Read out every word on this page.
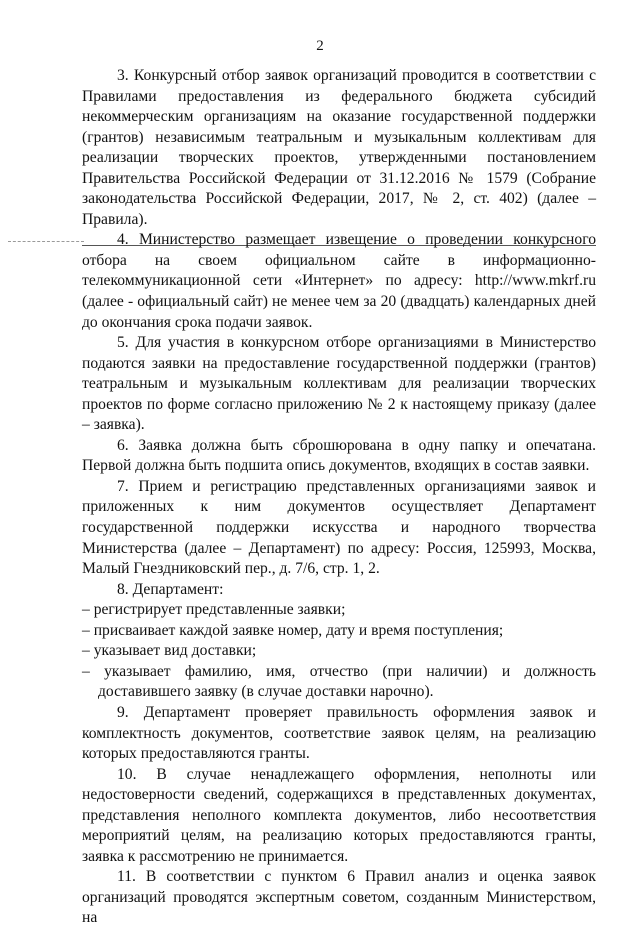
2

3. Конкурсный отбор заявок организаций проводится в соответствии с Правилами предоставления из федерального бюджета субсидий некоммерческим организациям на оказание государственной поддержки (грантов) независимым театральным и музыкальным коллективам для реализации творческих проектов, утвержденными постановлением Правительства Российской Федерации от 31.12.2016 № 1579 (Собрание законодательства Российской Федерации, 2017, № 2, ст. 402) (далее – Правила).

4. Министерство размещает извещение о проведении конкурсного отбора на своем официальном сайте в информационно-телекоммуникационной сети «Интернет» по адресу: http://www.mkrf.ru (далее - официальный сайт) не менее чем за 20 (двадцать) календарных дней до окончания срока подачи заявок.

5. Для участия в конкурсном отборе организациями в Министерство подаются заявки на предоставление государственной поддержки (грантов) театральным и музыкальным коллективам для реализации творческих проектов по форме согласно приложению № 2 к настоящему приказу (далее – заявка).

6. Заявка должна быть сброшюрована в одну папку и опечатана. Первой должна быть подшита опись документов, входящих в состав заявки.

7. Прием и регистрацию представленных организациями заявок и приложенных к ним документов осуществляет Департамент государственной поддержки искусства и народного творчества Министерства (далее – Департамент) по адресу: Россия, 125993, Москва, Малый Гнездниковский пер., д. 7/6, стр. 1, 2.

8. Департамент:

– регистрирует представленные заявки;

– присваивает каждой заявке номер, дату и время поступления;

– указывает вид доставки;

– указывает фамилию, имя, отчество (при наличии) и должность доставившего заявку (в случае доставки нарочно).

9. Департамент проверяет правильность оформления заявок и комплектность документов, соответствие заявок целям, на реализацию которых предоставляются гранты.

10. В случае ненадлежащего оформления, неполноты или недостоверности сведений, содержащихся в представленных документах, представления неполного комплекта документов, либо несоответствия мероприятий целям, на реализацию которых предоставляются гранты, заявка к рассмотрению не принимается.

11. В соответствии с пунктом 6 Правил анализ и оценка заявок организаций проводятся экспертным советом, созданным Министерством, на
